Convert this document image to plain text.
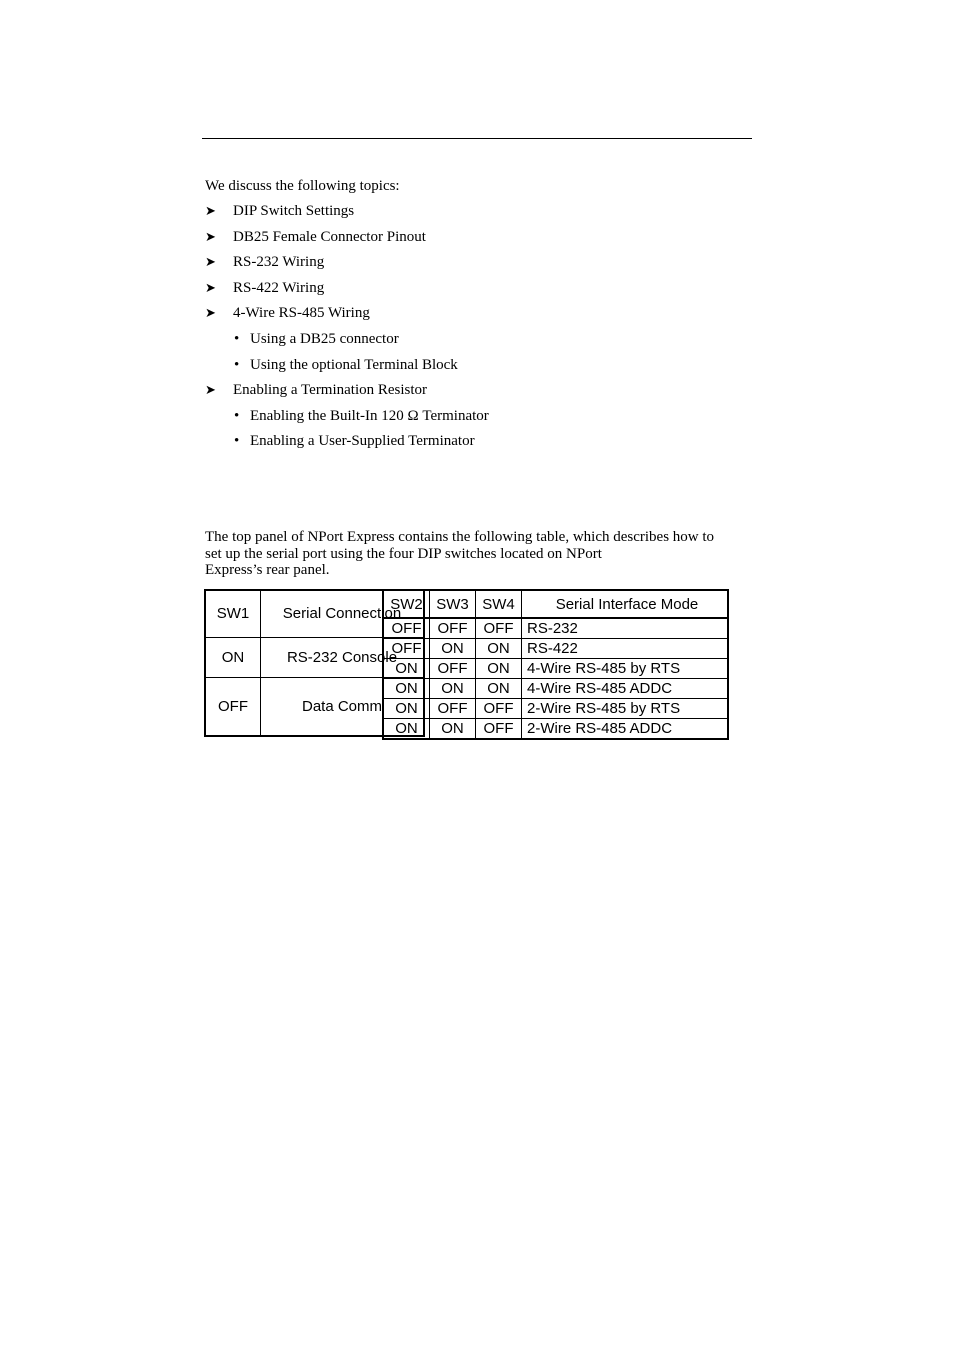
We discuss the following topics:

➤	DIP Switch Settings
➤	DB25 Female Connector Pinout
➤	RS-232 Wiring
➤	RS-422 Wiring
➤	4-Wire RS-485 Wiring
• Using a DB25 connector
• Using the optional Terminal Block
➤	Enabling a Termination Resistor
• Enabling the Built-In 120 Ω Terminator
• Enabling a User-Supplied Terminator

The top panel of NPort Express contains the following table, which describes how to
set up the serial port using the four DIP switches located on NPort
Express’s rear panel.

SW1	Serial Connection
ON	RS-232 Console
OFF	Data Comm
SW2	SW3	SW4	Serial Interface Mode
OFF	OFF	OFF	RS-232
OFF	ON	ON	RS-422
ON	OFF	ON	4-Wire RS-485 by RTS
ON	ON	ON	4-Wire RS-485 ADDC
ON	OFF	OFF	2-Wire RS-485 by RTS
ON	ON	OFF	2-Wire RS-485 ADDC
